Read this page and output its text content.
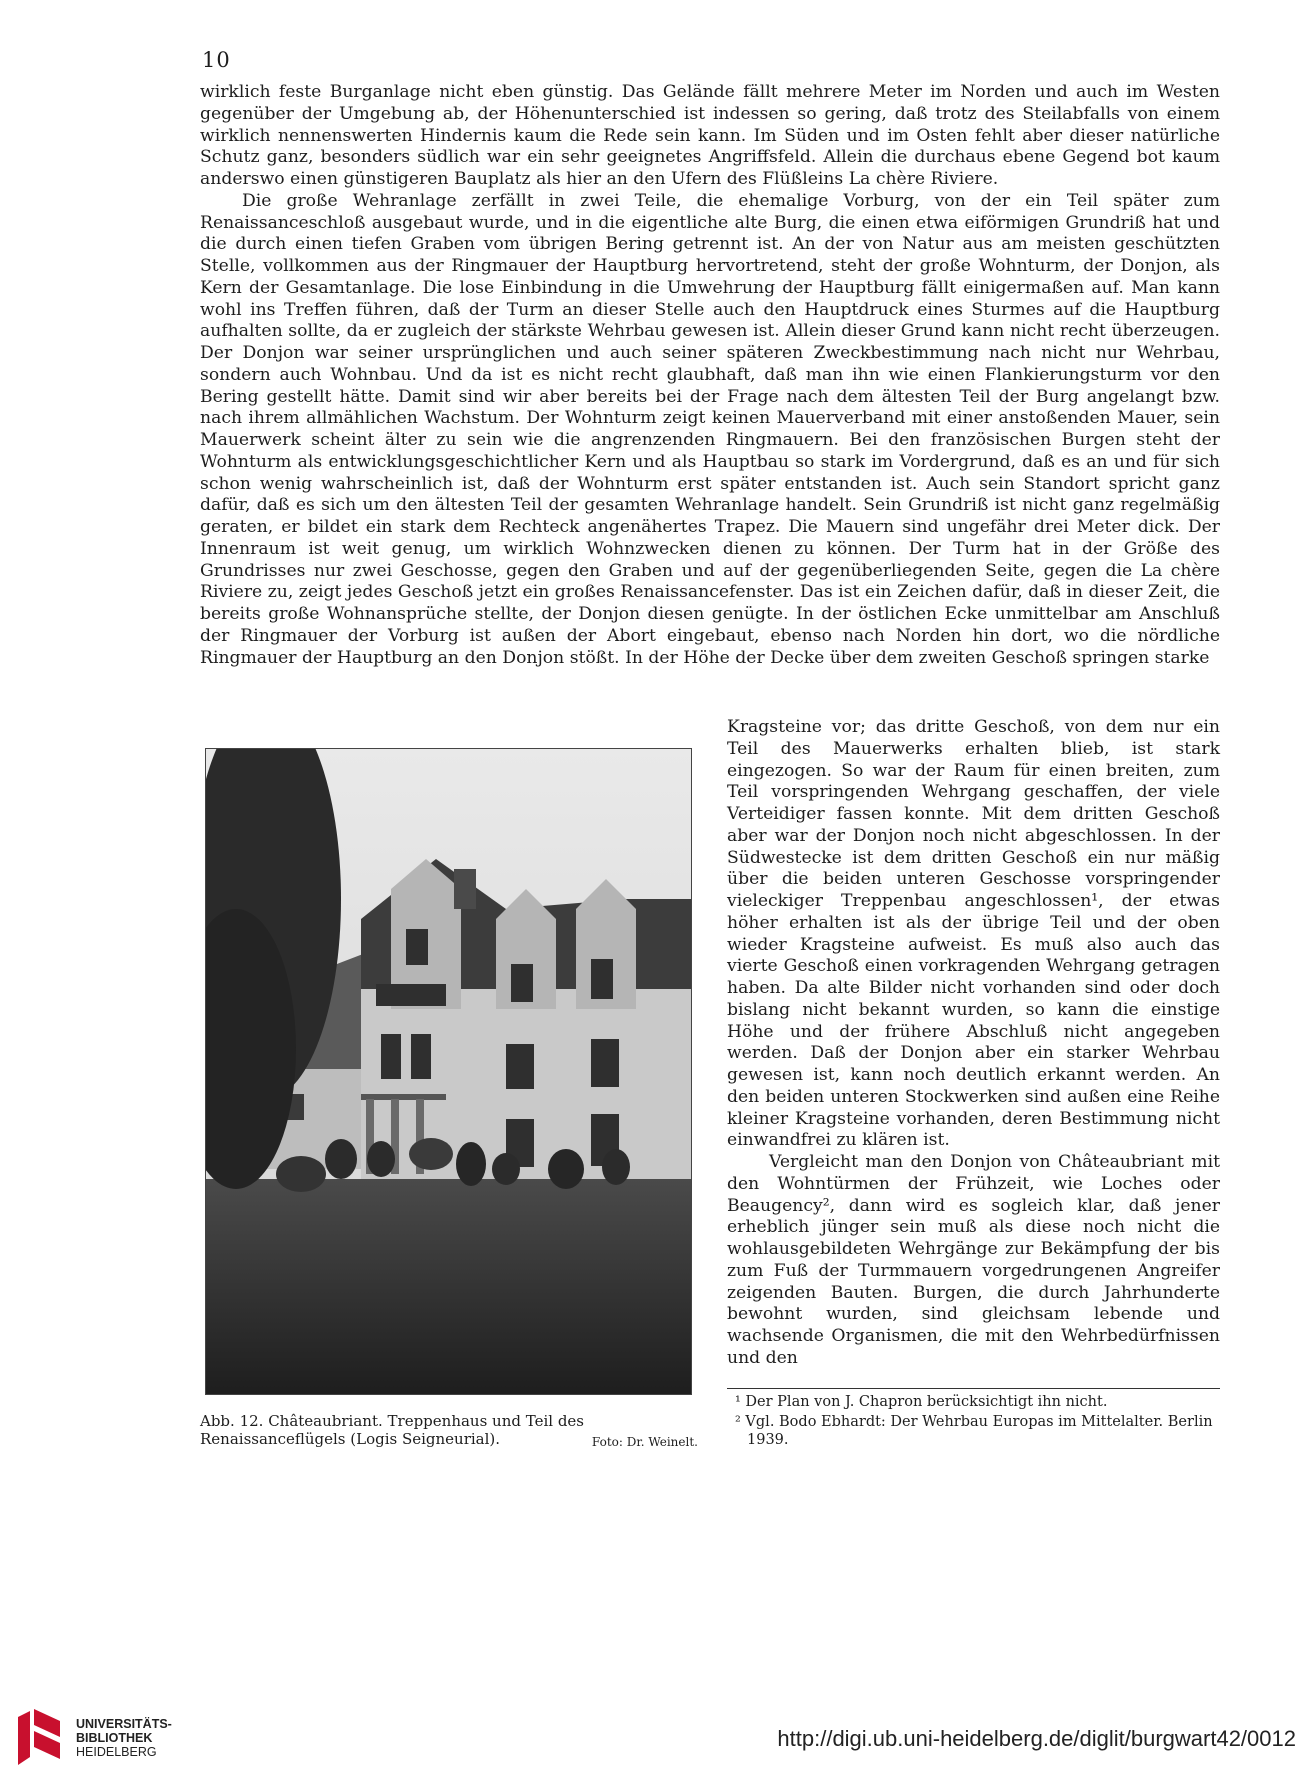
10

wirklich feste Burganlage nicht eben günstig. Das Gelände fällt mehrere Meter im Norden und auch im Westen gegenüber der Umgebung ab, der Höhenunterschied ist indessen so gering, daß trotz des Steilabfalls von einem wirklich nennenswerten Hindernis kaum die Rede sein kann. Im Süden und im Osten fehlt aber dieser natürliche Schutz ganz, besonders südlich war ein sehr geeignetes Angriffsfeld. Allein die durchaus ebene Gegend bot kaum anderswo einen günstigeren Bauplatz als hier an den Ufern des Flüßleins La chère Riviere.

Die große Wehranlage zerfällt in zwei Teile, die ehemalige Vorburg, von der ein Teil später zum Renaissanceschloß ausgebaut wurde, und in die eigentliche alte Burg, die einen etwa eiförmigen Grundriß hat und die durch einen tiefen Graben vom übrigen Bering getrennt ist. An der von Natur aus am meisten geschützten Stelle, vollkommen aus der Ringmauer der Hauptburg hervortretend, steht der große Wohnturm, der Donjon, als Kern der Gesamtanlage. Die lose Einbindung in die Umwehrung der Hauptburg fällt einigermaßen auf. Man kann wohl ins Treffen führen, daß der Turm an dieser Stelle auch den Hauptdruck eines Sturmes auf die Hauptburg aufhalten sollte, da er zugleich der stärkste Wehrbau gewesen ist. Allein dieser Grund kann nicht recht überzeugen. Der Donjon war seiner ursprünglichen und auch seiner späteren Zweckbestimmung nach nicht nur Wehrbau, sondern auch Wohnbau. Und da ist es nicht recht glaubhaft, daß man ihn wie einen Flankierungsturm vor den Bering gestellt hätte. Damit sind wir aber bereits bei der Frage nach dem ältesten Teil der Burg angelangt bzw. nach ihrem allmählichen Wachstum. Der Wohnturm zeigt keinen Mauerverband mit einer anstoßenden Mauer, sein Mauerwerk scheint älter zu sein wie die angrenzenden Ringmauern. Bei den französischen Burgen steht der Wohnturm als entwicklungsgeschichtlicher Kern und als Hauptbau so stark im Vordergrund, daß es an und für sich schon wenig wahrscheinlich ist, daß der Wohnturm erst später entstanden ist. Auch sein Standort spricht ganz dafür, daß es sich um den ältesten Teil der gesamten Wehranlage handelt. Sein Grundriß ist nicht ganz regelmäßig geraten, er bildet ein stark dem Rechteck angenähertes Trapez. Die Mauern sind ungefähr drei Meter dick. Der Innenraum ist weit genug, um wirklich Wohnzwecken dienen zu können. Der Turm hat in der Größe des Grundrisses nur zwei Geschosse, gegen den Graben und auf der gegenüberliegenden Seite, gegen die La chère Riviere zu, zeigt jedes Geschoß jetzt ein großes Renaissancefenster. Das ist ein Zeichen dafür, daß in dieser Zeit, die bereits große Wohnansprüche stellte, der Donjon diesen genügte. In der östlichen Ecke unmittelbar am Anschluß der Ringmauer der Vorburg ist außen der Abort eingebaut, ebenso nach Norden hin dort, wo die nördliche Ringmauer der Hauptburg an den Donjon stößt. In der Höhe der Decke über dem zweiten Geschoß springen starke

Abb. 12. Châteaubriant. Treppenhaus und Teil des Renaissanceflügels (Logis Seigneurial).	Foto: Dr. Weinelt.

Kragsteine vor; das dritte Geschoß, von dem nur ein Teil des Mauerwerks erhalten blieb, ist stark eingezogen. So war der Raum für einen breiten, zum Teil vorspringenden Wehrgang geschaffen, der viele Verteidiger fassen konnte. Mit dem dritten Geschoß aber war der Donjon noch nicht abgeschlossen. In der Südwestecke ist dem dritten Geschoß ein nur mäßig über die beiden unteren Geschosse vorspringender vieleckiger Treppenbau angeschlossen¹, der etwas höher erhalten ist als der übrige Teil und der oben wieder Kragsteine aufweist. Es muß also auch das vierte Geschoß einen vorkragenden Wehrgang getragen haben. Da alte Bilder nicht vorhanden sind oder doch bislang nicht bekannt wurden, so kann die einstige Höhe und der frühere Abschluß nicht angegeben werden. Daß der Donjon aber ein starker Wehrbau gewesen ist, kann noch deutlich erkannt werden. An den beiden unteren Stockwerken sind außen eine Reihe kleiner Kragsteine vorhanden, deren Bestimmung nicht einwandfrei zu klären ist.

Vergleicht man den Donjon von Châteaubriant mit den Wohntürmen der Frühzeit, wie Loches oder Beaugency², dann wird es sogleich klar, daß jener erheblich jünger sein muß als diese noch nicht die wohlausgebildeten Wehrgänge zur Bekämpfung der bis zum Fuß der Turmmauern vorgedrungenen Angreifer zeigenden Bauten. Burgen, die durch Jahrhunderte bewohnt wurden, sind gleichsam lebende und wachsende Organismen, die mit den Wehrbedürfnissen und den

¹ Der Plan von J. Chapron berücksichtigt ihn nicht.

² Vgl. Bodo Ebhardt: Der Wehrbau Europas im Mittelalter. Berlin 1939.

UNIVERSITÄTS-
BIBLIOTHEK
HEIDELBERG
http://digi.ub.uni-heidelberg.de/diglit/burgwart42/0012
